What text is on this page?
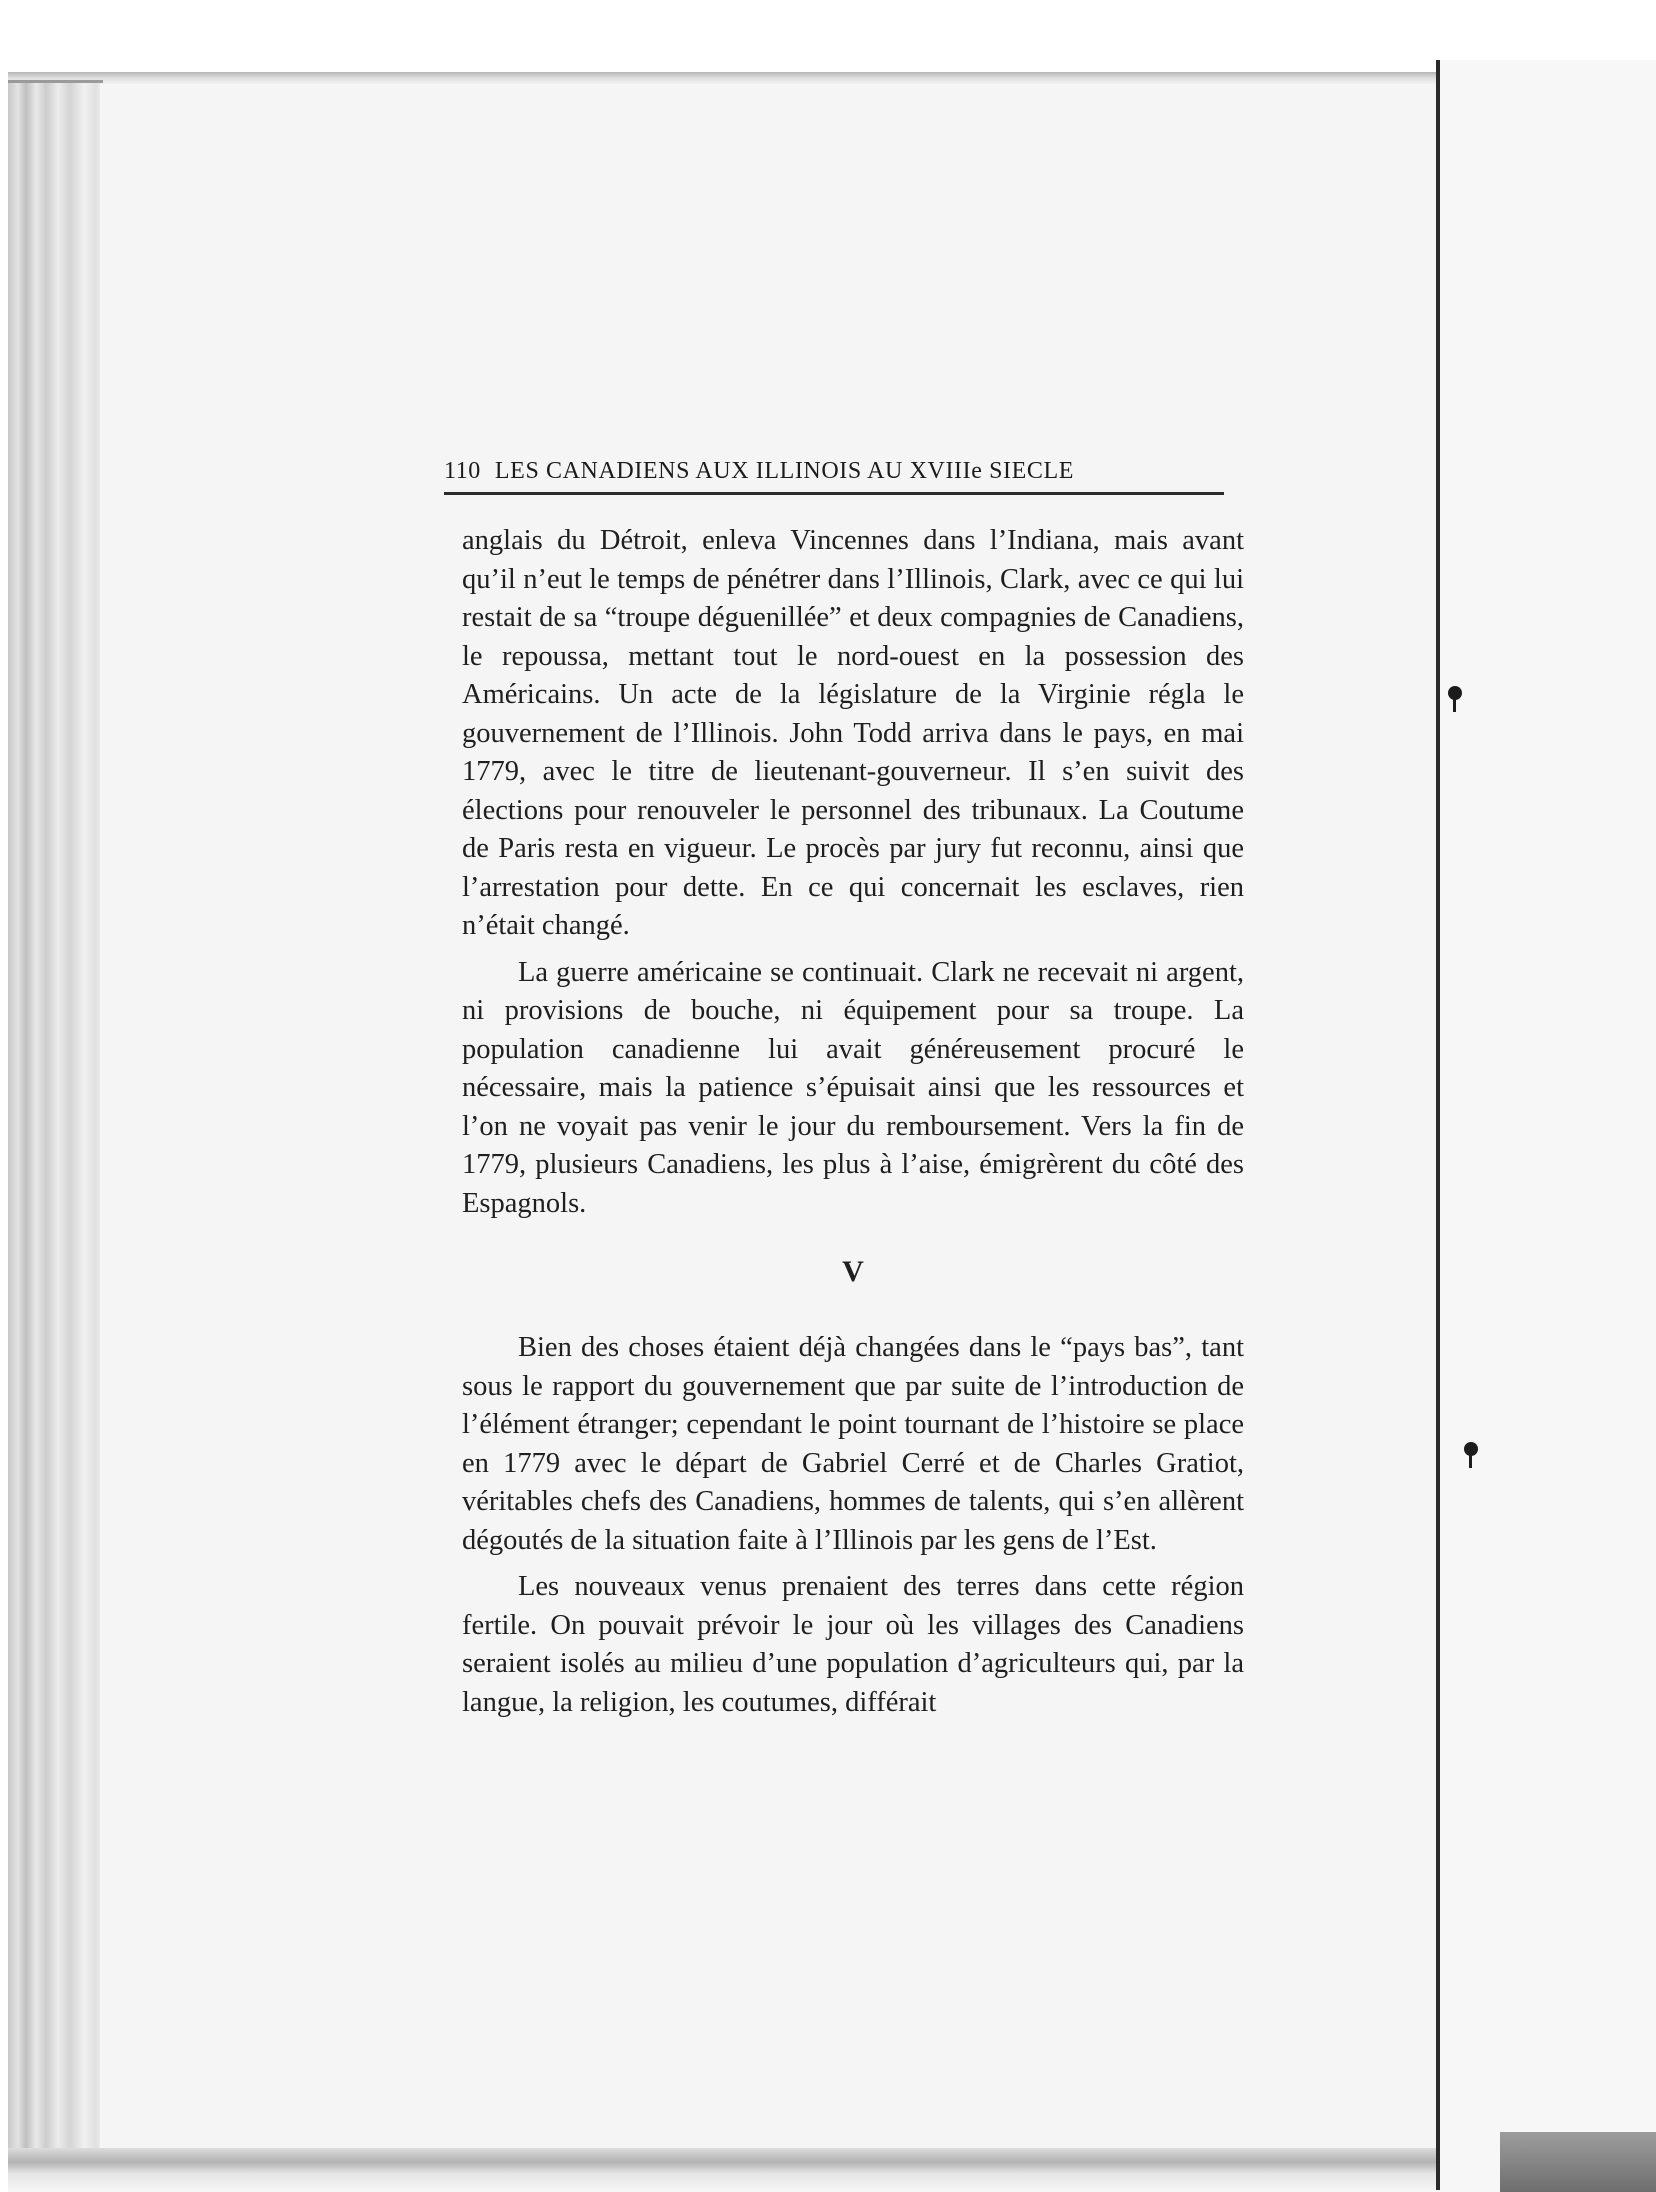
110 LES CANADIENS AUX ILLINOIS AU XVIIIe SIECLE

anglais du Détroit, enleva Vincennes dans l’Indiana, mais avant qu’il n’eut le temps de pénétrer dans l’Illinois, Clark, avec ce qui lui restait de sa “troupe déguenillée” et deux compagnies de Canadiens, le repoussa, mettant tout le nord-ouest en la possession des Américains. Un acte de la législature de la Virginie régla le gouvernement de l’Illinois. John Todd arriva dans le pays, en mai 1779, avec le titre de lieutenant-gouverneur. Il s’en suivit des élections pour renouveler le personnel des tribunaux. La Coutume de Paris resta en vigueur. Le procès par jury fut reconnu, ainsi que l’arrestation pour dette. En ce qui concernait les esclaves, rien n’était changé.

La guerre américaine se continuait. Clark ne recevait ni argent, ni provisions de bouche, ni équipement pour sa troupe. La population canadienne lui avait généreusement procuré le nécessaire, mais la patience s’épuisait ainsi que les ressources et l’on ne voyait pas venir le jour du remboursement. Vers la fin de 1779, plusieurs Canadiens, les plus à l’aise, émigrèrent du côté des Espagnols.

V

Bien des choses étaient déjà changées dans le “pays bas”, tant sous le rapport du gouvernement que par suite de l’introduction de l’élément étranger; cependant le point tournant de l’histoire se place en 1779 avec le départ de Gabriel Cerré et de Charles Gratiot, véritables chefs des Canadiens, hommes de talents, qui s’en allèrent dégoutés de la situation faite à l’Illinois par les gens de l’Est.

Les nouveaux venus prenaient des terres dans cette région fertile. On pouvait prévoir le jour où les villages des Canadiens seraient isolés au milieu d’une population d’agriculteurs qui, par la langue, la religion, les coutumes, différait
